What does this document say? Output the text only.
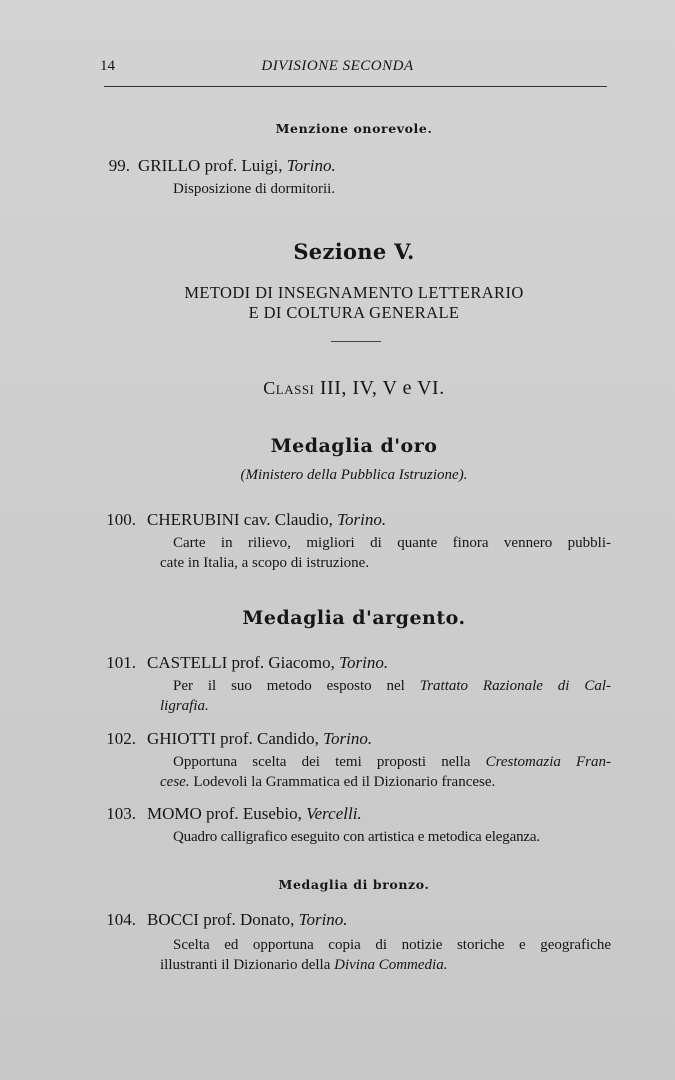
14	DIVISIONE SECONDA
Menzione onorevole.
99. GRILLO prof. Luigi, Torino.
Disposizione di dormitorii.
Sezione V.
METODI DI INSEGNAMENTO LETTERARIO
E DI COLTURA GENERALE
Classi III, IV, V e VI.
Medaglia d'oro
(Ministero della Pubblica Istruzione).
100. CHERUBINI cav. Claudio, Torino.
Carte in rilievo, migliori di quante finora vennero pubbli-
cate in Italia, a scopo di istruzione.
Medaglia d'argento.
101. CASTELLI prof. Giacomo, Torino.
Per il suo metodo esposto nel Trattato Razionale di Cal-
ligrafia.
102. GHIOTTI prof. Candido, Torino.
Opportuna scelta dei temi proposti nella Crestomazia Fran-
cese. Lodevoli la Grammatica ed il Dizionario francese.
103. MOMO prof. Eusebio, Vercelli.
Quadro calligrafico eseguito con artistica e metodica eleganza.
Medaglia di bronzo.
104. BOCCI prof. Donato, Torino.
Scelta ed opportuna copia di notizie storiche e geografiche
illustranti il Dizionario della Divina Commedia.
